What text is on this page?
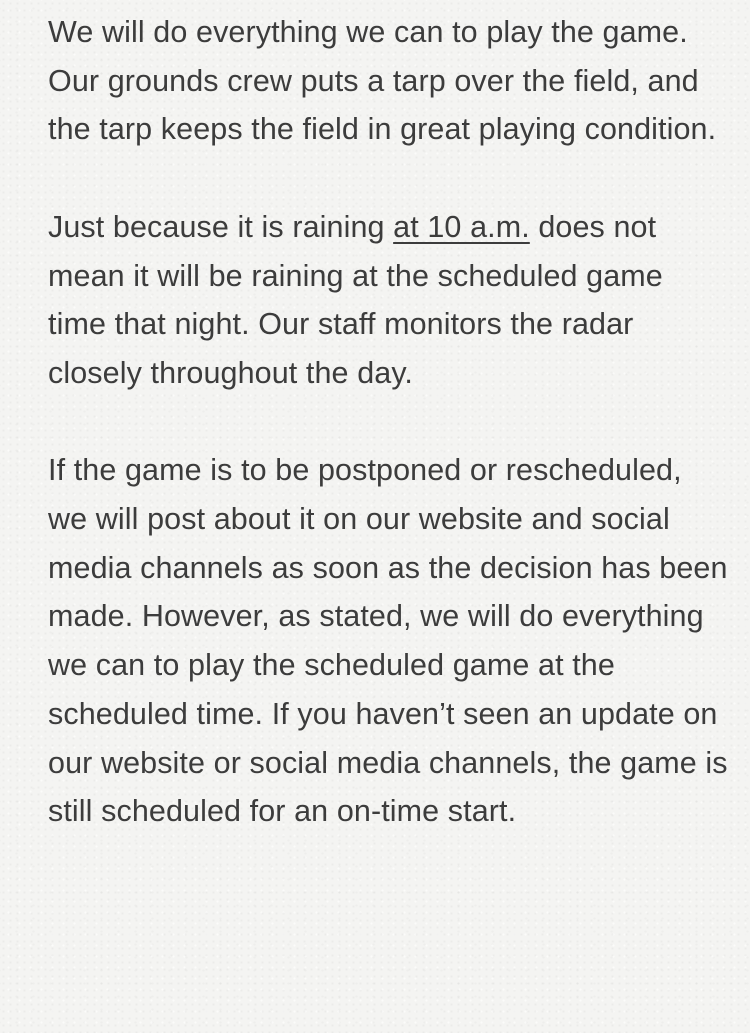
We will do everything we can to play the game. Our grounds crew puts a tarp over the field, and the tarp keeps the field in great playing condition.

Just because it is raining at 10 a.m. does not mean it will be raining at the scheduled game time that night. Our staff monitors the radar closely throughout the day.

If the game is to be postponed or rescheduled, we will post about it on our website and social media channels as soon as the decision has been made. However, as stated, we will do everything we can to play the scheduled game at the scheduled time. If you haven’t seen an update on our website or social media channels, the game is still scheduled for an on-time start.
